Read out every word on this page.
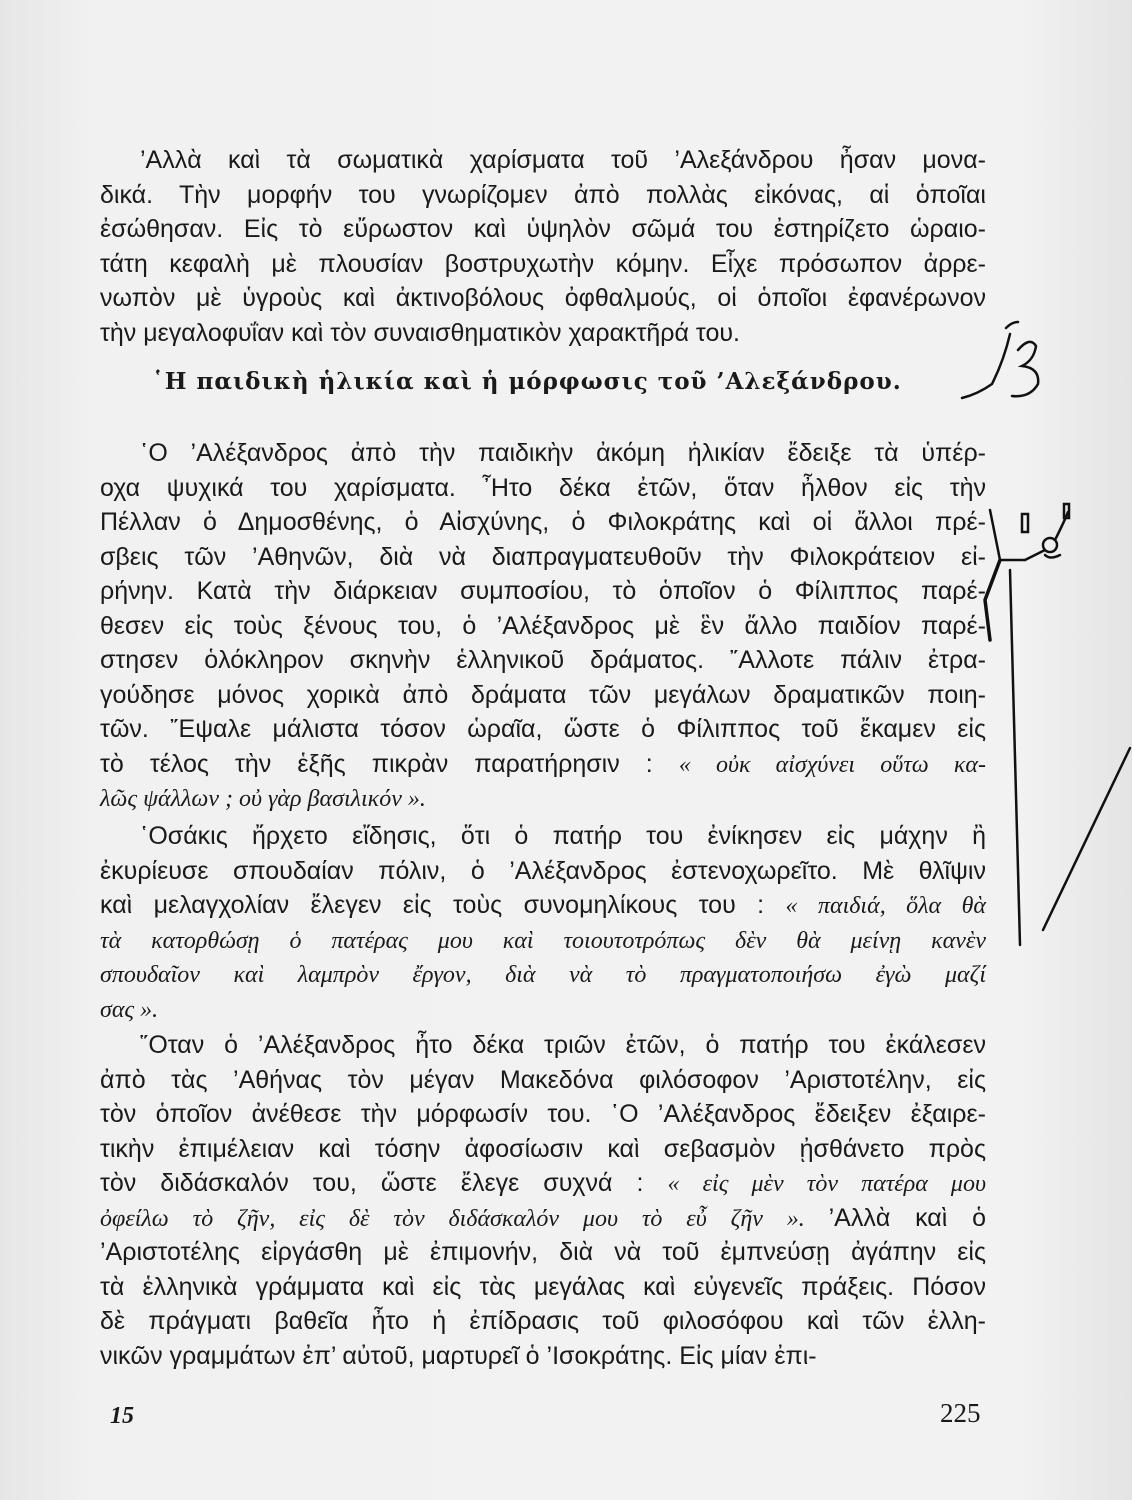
’Αλλὰ καὶ τὰ σωματικὰ χαρίσματα τοῦ ’Αλεξάνδρου ἦσαν μονα-
δικά. Τὴν μορφήν του γνωρίζομεν ἀπὸ πολλὰς εἰκόνας, αἱ ὁποῖαι
ἐσώθησαν. Εἰς τὸ εὔρωστον καὶ ὑψηλὸν σῶμά του ἐστηρίζετο ὡραιο-
τάτη κεφαλὴ μὲ πλουσίαν βοστρυχωτὴν κόμην. Εἶχε πρόσωπον ἀρρε-
νωπὸν μὲ ὑγροὺς καὶ ἀκτινοβόλους ὀφθαλμούς, οἱ ὁποῖοι ἐφανέρωνον
τὴν μεγαλοφυΐαν καὶ τὸν συναισθηματικὸν χαρακτῆρά του.
῾Η παιδικὴ ἡλικία καὶ ἡ μόρφωσις τοῦ ’Αλεξάνδρου.
῾Ο ’Αλέξανδρος ἀπὸ τὴν παιδικὴν ἀκόμη ἡλικίαν ἔδειξε τὰ ὑπέρ-
οχα ψυχικά του χαρίσματα. ῏Ητο δέκα ἐτῶν, ὅταν ἦλθον εἰς τὴν
Πέλλαν ὁ Δημοσθένης, ὁ Αἰσχύνης, ὁ Φιλοκράτης καὶ οἱ ἄλλοι πρέ-
σβεις τῶν ’Αθηνῶν, διὰ νὰ διαπραγματευθοῦν τὴν Φιλοκράτειον εἰ-
ρήνην. Κατὰ τὴν διάρκειαν συμποσίου, τὸ ὁποῖον ὁ Φίλιππος παρέ-
θεσεν εἰς τοὺς ξένους του, ὁ ’Αλέξανδρος μὲ ἓν ἄλλο παιδίον παρέ-
στησεν ὁλόκληρον σκηνὴν ἑλληνικοῦ δράματος. ῎Αλλοτε πάλιν ἐτρα-
γούδησε μόνος χορικὰ ἀπὸ δράματα τῶν μεγάλων δραματικῶν ποιη-
τῶν. ῎Εψαλε μάλιστα τόσον ὡραῖα, ὥστε ὁ Φίλιππος τοῦ ἔκαμεν εἰς
τὸ τέλος τὴν ἑξῆς πικρὰν παρατήρησιν : « οὐκ αἰσχύνει οὕτω κα-
λῶς ψάλλων ; οὐ γὰρ βασιλικόν ».
῾Οσάκις ἤρχετο εἴδησις, ὅτι ὁ πατήρ του ἐνίκησεν εἰς μάχην ἢ
ἐκυρίευσε σπουδαίαν πόλιν, ὁ ’Αλέξανδρος ἐστενοχωρεῖτο. Μὲ θλῖψιν
καὶ μελαγχολίαν ἔλεγεν εἰς τοὺς συνομηλίκους του : « παιδιά, ὅλα θὰ
τὰ κατορθώσῃ ὁ πατέρας μου καὶ τοιουτοτρόπως δὲν θὰ μείνῃ κανὲν
σπουδαῖον καὶ λαμπρὸν ἔργον, διὰ νὰ τὸ πραγματοποιήσω ἐγὼ μαζί
σας ».
῞Οταν ὁ ’Αλέξανδρος ἦτο δέκα τριῶν ἐτῶν, ὁ πατήρ του ἐκάλεσεν
ἀπὸ τὰς ’Αθήνας τὸν μέγαν Μακεδόνα φιλόσοφον ’Αριστοτέλην, εἰς
τὸν ὁποῖον ἀνέθεσε τὴν μόρφωσίν του. ῾Ο ’Αλέξανδρος ἔδειξεν ἐξαιρε-
τικὴν ἐπιμέλειαν καὶ τόσην ἀφοσίωσιν καὶ σεβασμὸν ᾐσθάνετο πρὸς
τὸν διδάσκαλόν του, ὥστε ἔλεγε συχνά : « εἰς μὲν τὸν πατέρα μου
ὀφείλω τὸ ζῆν, εἰς δὲ τὸν διδάσκαλόν μου τὸ εὖ ζῆν ». ’Αλλὰ καὶ ὁ
’Αριστοτέλης εἰργάσθη μὲ ἐπιμονήν, διὰ νὰ τοῦ ἐμπνεύσῃ ἀγάπην εἰς
τὰ ἑλληνικὰ γράμματα καὶ εἰς τὰς μεγάλας καὶ εὐγενεῖς πράξεις. Πόσον
δὲ πράγματι βαθεῖα ἦτο ἡ ἐπίδρασις τοῦ φιλοσόφου καὶ τῶν ἑλλη-
νικῶν γραμμάτων ἐπ’ αὐτοῦ, μαρτυρεῖ ὁ ’Ισοκράτης. Εἰς μίαν ἐπι-
15	225
